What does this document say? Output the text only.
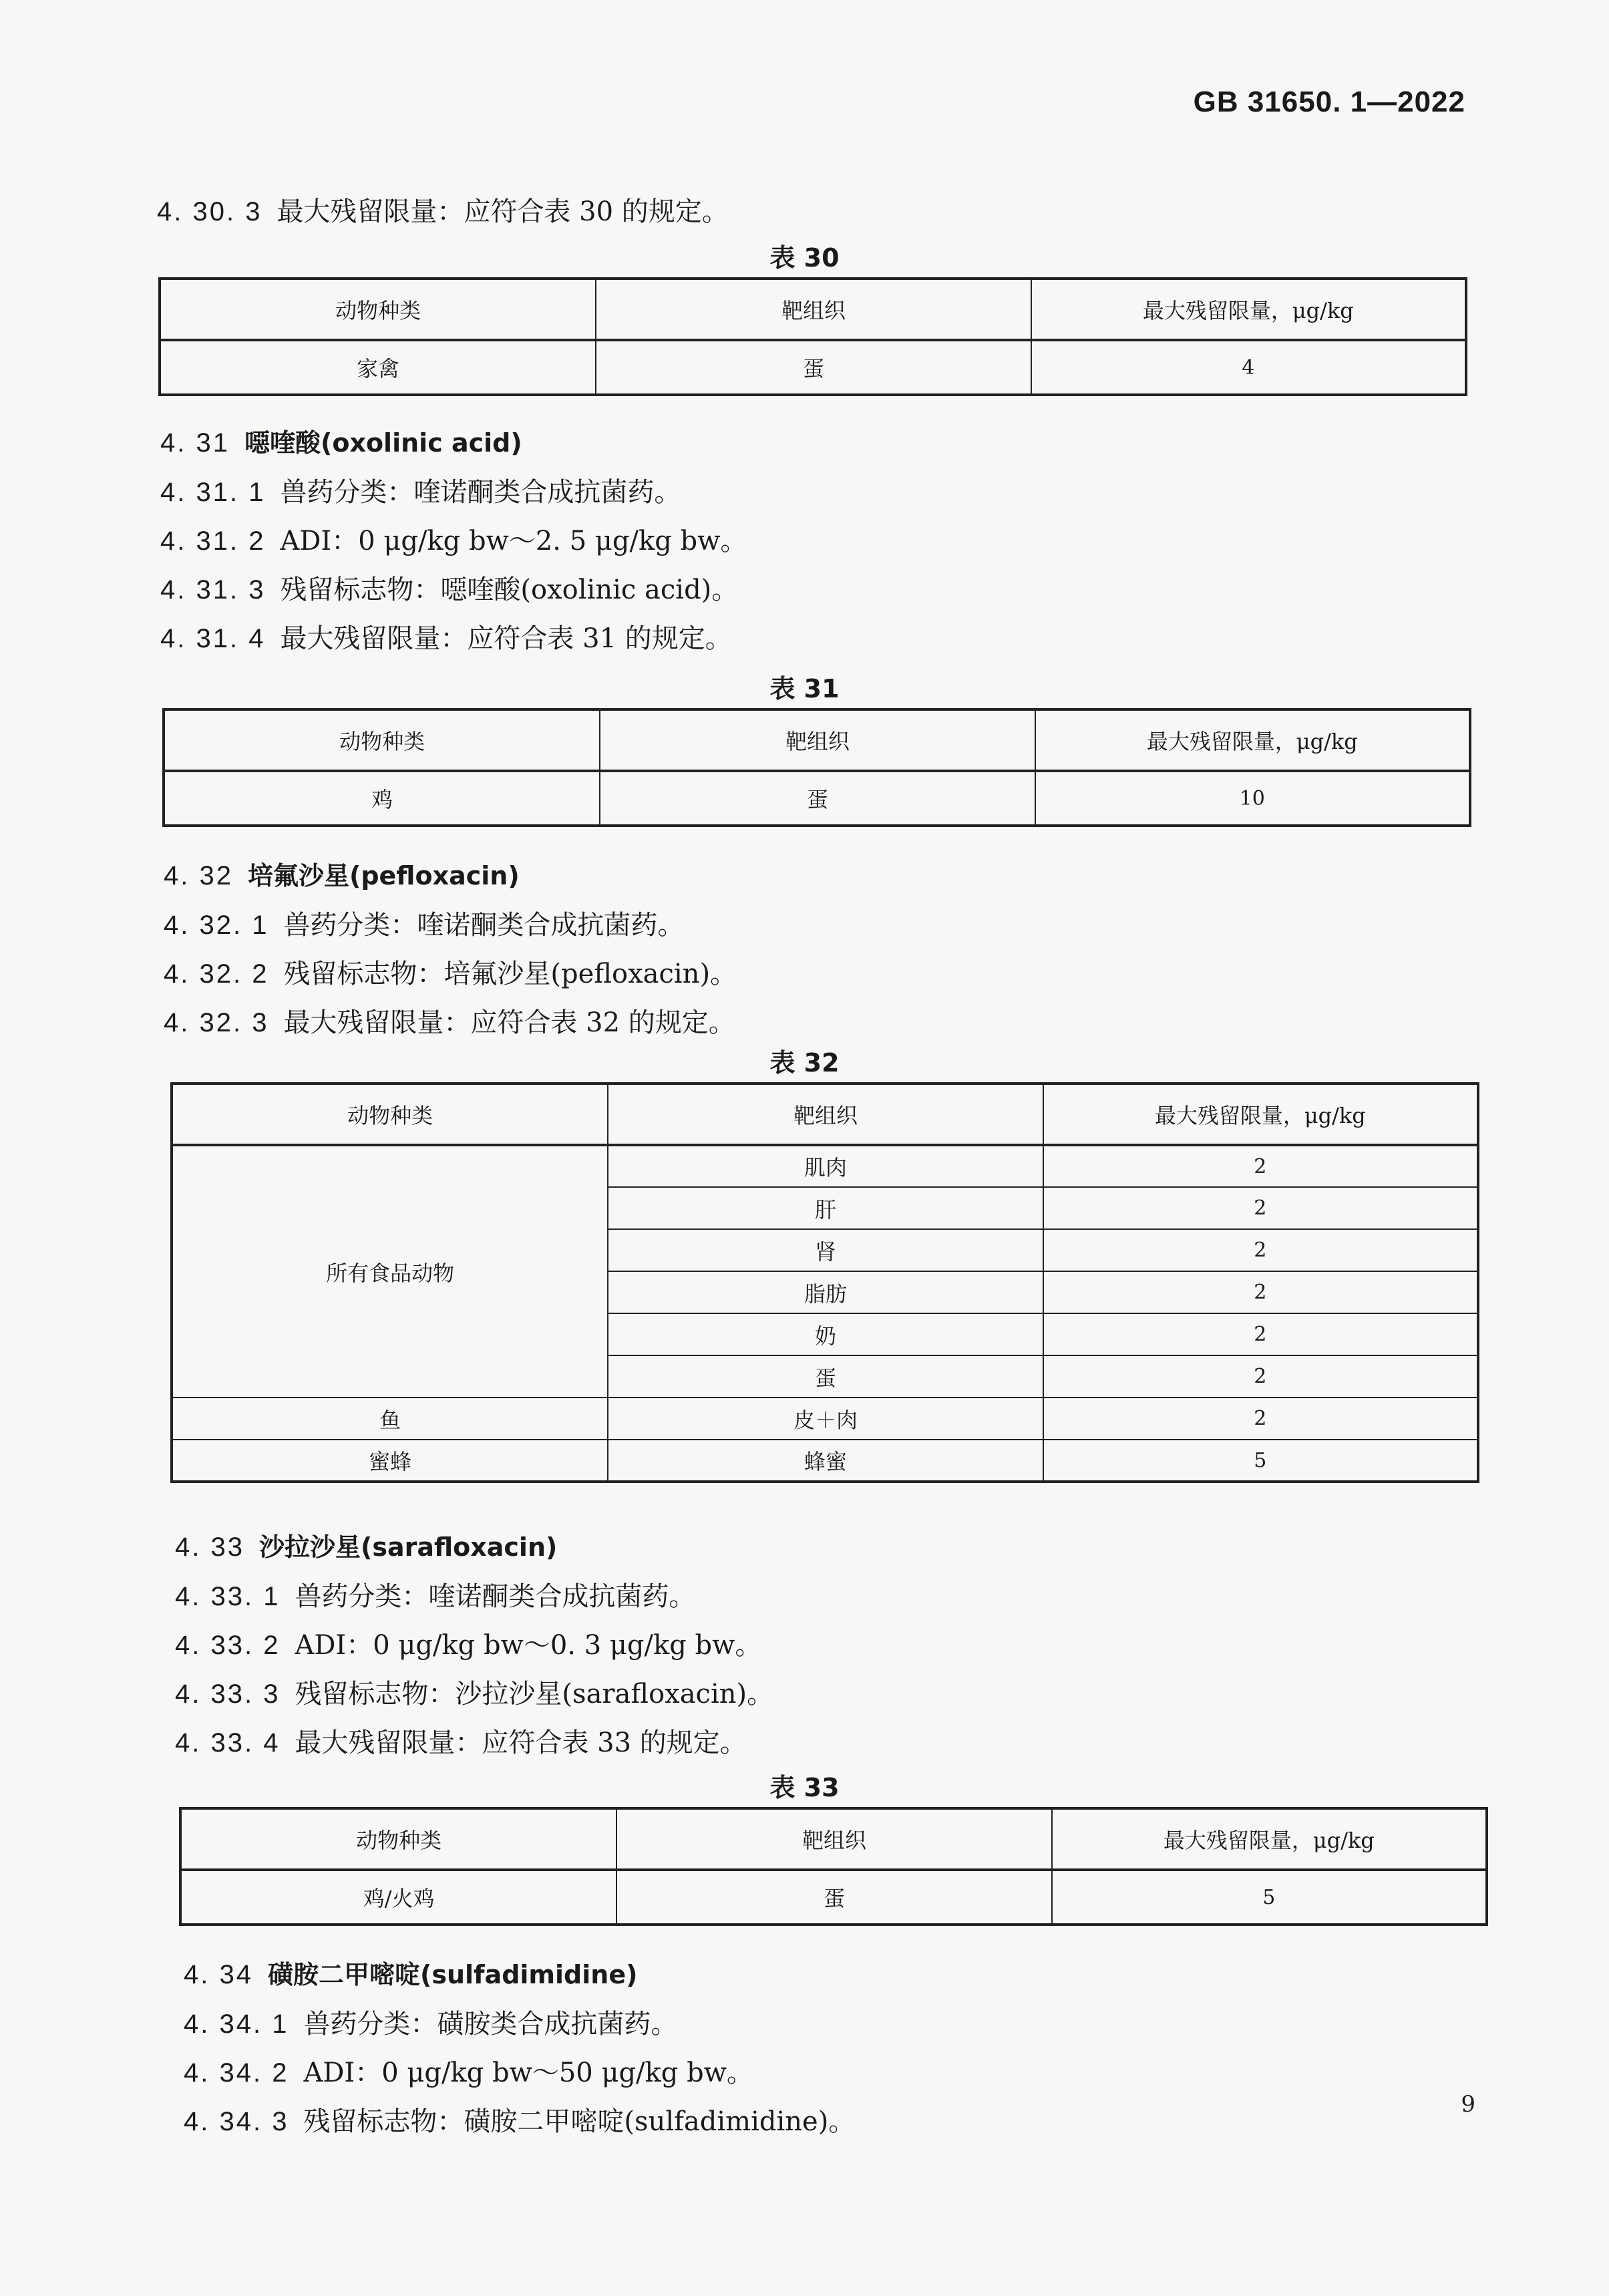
GB 31650. 1—2022
4. 30. 3 最大残留限量：应符合表 30 的规定。
表 30
动物种类	靶组织	最大残留限量，μg/kg
家禽	蛋	4
4. 31 噁喹酸(oxolinic acid)
4. 31. 1 兽药分类：喹诺酮类合成抗菌药。
4. 31. 2 ADI：0 μg/kg bw～2. 5 μg/kg bw。
4. 31. 3 残留标志物：噁喹酸(oxolinic acid)。
4. 31. 4 最大残留限量：应符合表 31 的规定。
表 31
动物种类	靶组织	最大残留限量，μg/kg
鸡	蛋	10
4. 32 培氟沙星(pefloxacin)
4. 32. 1 兽药分类：喹诺酮类合成抗菌药。
4. 32. 2 残留标志物：培氟沙星(pefloxacin)。
4. 32. 3 最大残留限量：应符合表 32 的规定。
表 32
动物种类	靶组织	最大残留限量，μg/kg
所有食品动物	肌肉	2
	肝	2
	肾	2
	脂肪	2
	奶	2
	蛋	2
鱼	皮＋肉	2
蜜蜂	蜂蜜	5
4. 33 沙拉沙星(sarafloxacin)
4. 33. 1 兽药分类：喹诺酮类合成抗菌药。
4. 33. 2 ADI：0 μg/kg bw～0. 3 μg/kg bw。
4. 33. 3 残留标志物：沙拉沙星(sarafloxacin)。
4. 33. 4 最大残留限量：应符合表 33 的规定。
表 33
动物种类	靶组织	最大残留限量，μg/kg
鸡/火鸡	蛋	5
4. 34 磺胺二甲嘧啶(sulfadimidine)
4. 34. 1 兽药分类：磺胺类合成抗菌药。
4. 34. 2 ADI：0 μg/kg bw～50 μg/kg bw。
4. 34. 3 残留标志物：磺胺二甲嘧啶(sulfadimidine)。
9
